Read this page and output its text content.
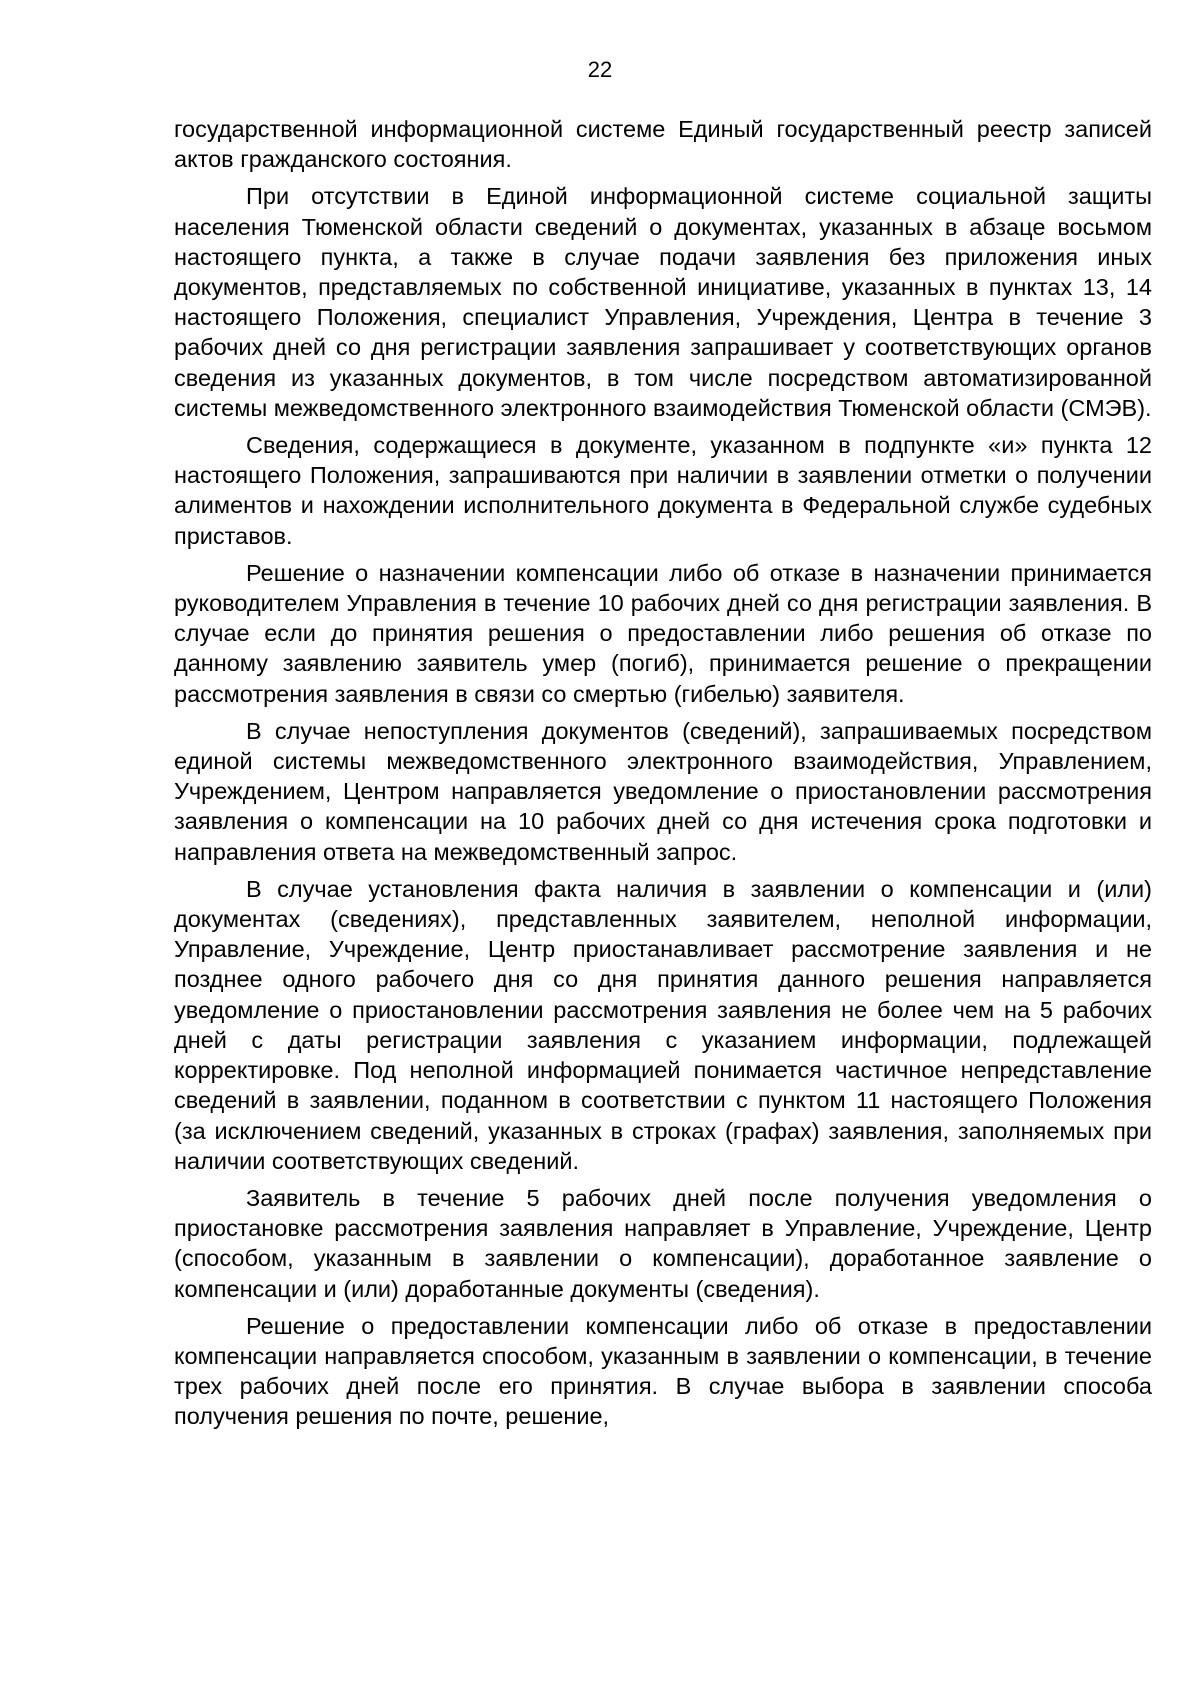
22

государственной информационной системе Единый государственный реестр записей актов гражданского состояния.

При отсутствии в Единой информационной системе социальной защиты населения Тюменской области сведений о документах, указанных в абзаце восьмом настоящего пункта, а также в случае подачи заявления без приложения иных документов, представляемых по собственной инициативе, указанных в пунктах 13, 14 настоящего Положения, специалист Управления, Учреждения, Центра в течение 3 рабочих дней со дня регистрации заявления запрашивает у соответствующих органов сведения из указанных документов, в том числе посредством автоматизированной системы межведомственного электронного взаимодействия Тюменской области (СМЭВ).

Сведения, содержащиеся в документе, указанном в подпункте «и» пункта 12 настоящего Положения, запрашиваются при наличии в заявлении отметки о получении алиментов и нахождении исполнительного документа в Федеральной службе судебных приставов.

Решение о назначении компенсации либо об отказе в назначении принимается руководителем Управления в течение 10 рабочих дней со дня регистрации заявления. В случае если до принятия решения о предоставлении либо решения об отказе по данному заявлению заявитель умер (погиб), принимается решение о прекращении рассмотрения заявления в связи со смертью (гибелью) заявителя.

В случае непоступления документов (сведений), запрашиваемых посредством единой системы межведомственного электронного взаимодействия, Управлением, Учреждением, Центром направляется уведомление о приостановлении рассмотрения заявления о компенсации на 10 рабочих дней со дня истечения срока подготовки и направления ответа на межведомственный запрос.

В случае установления факта наличия в заявлении о компенсации и (или) документах (сведениях), представленных заявителем, неполной информации, Управление, Учреждение, Центр приостанавливает рассмотрение заявления и не позднее одного рабочего дня со дня принятия данного решения направляется уведомление о приостановлении рассмотрения заявления не более чем на 5 рабочих дней с даты регистрации заявления с указанием информации, подлежащей корректировке. Под неполной информацией понимается частичное непредставление сведений в заявлении, поданном в соответствии с пунктом 11 настоящего Положения (за исключением сведений, указанных в строках (графах) заявления, заполняемых при наличии соответствующих сведений.

Заявитель в течение 5 рабочих дней после получения уведомления о приостановке рассмотрения заявления направляет в Управление, Учреждение, Центр (способом, указанным в заявлении о компенсации), доработанное заявление о компенсации и (или) доработанные документы (сведения).

Решение о предоставлении компенсации либо об отказе в предоставлении компенсации направляется способом, указанным в заявлении о компенсации, в течение трех рабочих дней после его принятия. В случае выбора в заявлении способа получения решения по почте, решение,
